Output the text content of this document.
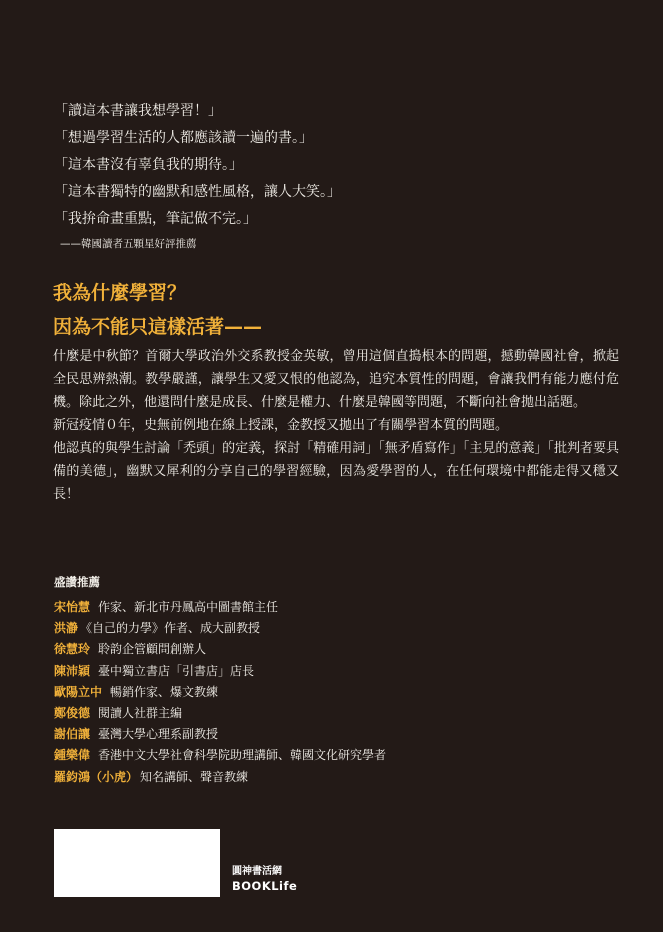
「讀這本書讓我想學習！」
「想過學習生活的人都應該讀一遍的書。」
「這本書沒有辜負我的期待。」
「這本書獨特的幽默和感性風格，讓人大笑。」
「我拚命畫重點，筆記做不完。」
——韓國讀者五顆星好評推薦
我為什麼學習？
因為不能只這樣活著——

什麼是中秋節？首爾大學政治外交系教授金英敏，曾用這個直搗根本的問題，撼動韓國社會，掀起全民思辨熱潮。教學嚴謹，讓學生又愛又恨的他認為，追究本質性的問題，會讓我們有能力應付危機。除此之外，他還問什麼是成長、什麼是權力、什麼是韓國等問題，不斷向社會拋出話題。

新冠疫情０年，史無前例地在線上授課，金教授又拋出了有關學習本質的問題。

他認真的與學生討論「禿頭」的定義，探討「精確用詞」「無矛盾寫作」「主見的意義」「批判者要具備的美德」，幽默又犀利的分享自己的學習經驗，因為愛學習的人，在任何環境中都能走得又穩又長！

盛讚推薦
宋怡慧 作家、新北市丹鳳高中圖書館主任
洪瀞 《自己的力學》作者、成大副教授
徐慧玲 聆韵企管顧問創辦人
陳沛穎 臺中獨立書店「引書店」店長
歐陽立中 暢銷作家、爆文教練
鄭俊德 閱讀人社群主編
謝伯讓 臺灣大學心理系副教授
鍾樂偉 香港中文大學社會科學院助理講師、韓國文化研究學者
羅鈞鴻（小虎） 知名講師、聲音教練
圓神書活網
BOOKLife
